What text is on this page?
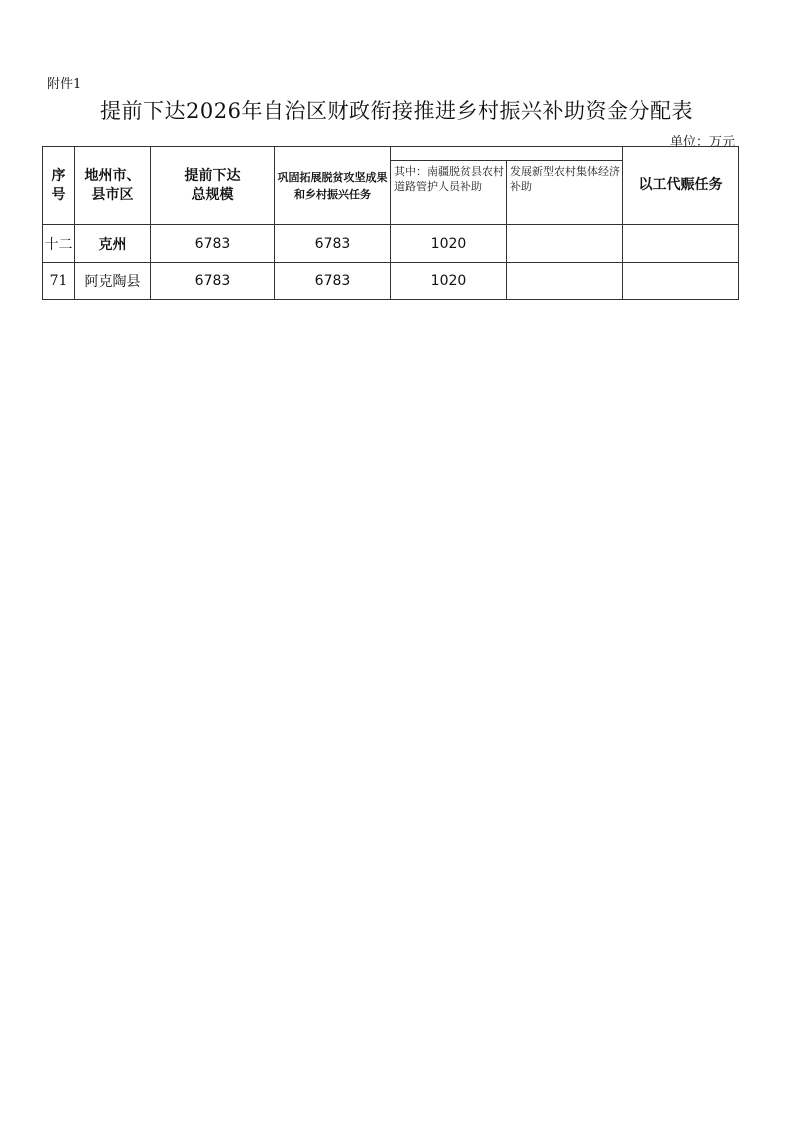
附件1
提前下达2026年自治区财政衔接推进乡村振兴补助资金分配表
单位：万元
序号	地州市、县市区	提前下达总规模	巩固拓展脱贫攻坚成果和乡村振兴任务			以工代赈任务

				其中：南疆脱贫县农村道路管护人员补助	发展新型农村集体经济补助	

十二	克州	6783	6783	1020		
71	阿克陶县	6783	6783	1020		
